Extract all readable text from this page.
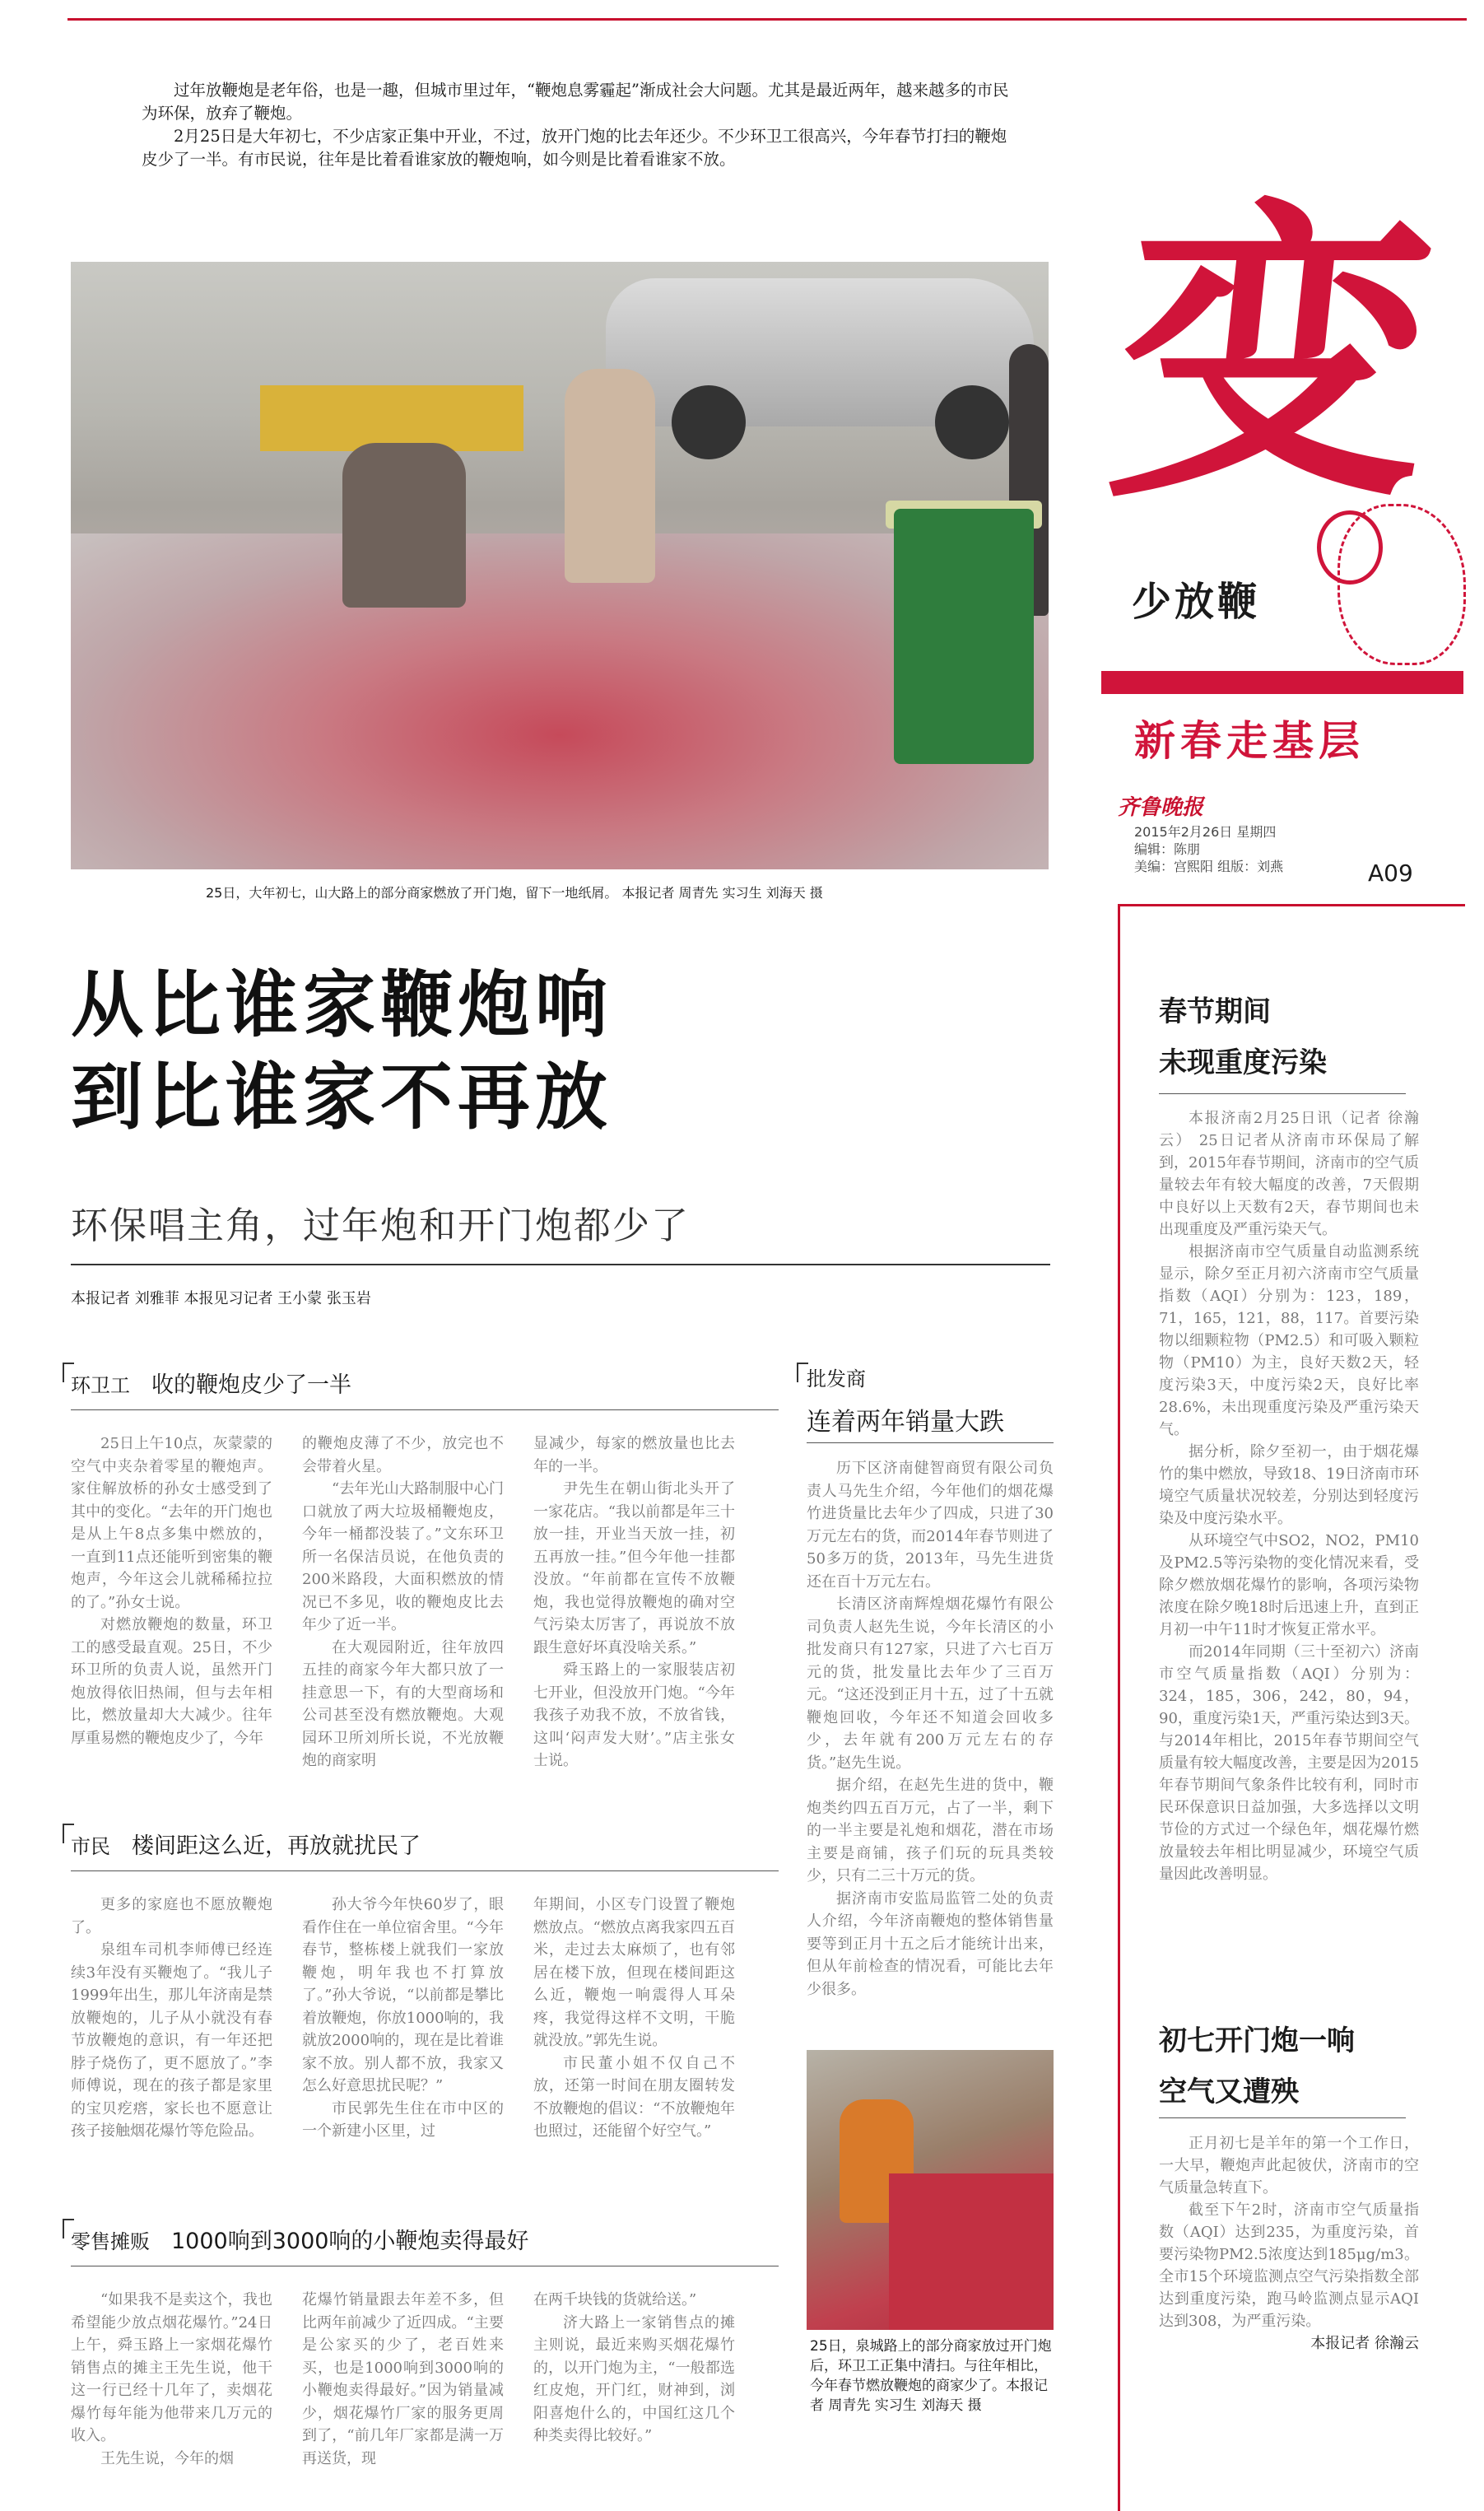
过年放鞭炮是老年俗，也是一趣，但城市里过年，“鞭炮息雾霾起”渐成社会大问题。尤其是最近两年，越来越多的市民为环保，放弃了鞭炮。

2月25日是大年初七，不少店家正集中开业，不过，放开门炮的比去年还少。不少环卫工很高兴，今年春节打扫的鞭炮皮少了一半。有市民说，往年是比着看谁家放的鞭炮响，如今则是比着看谁家不放。

25日，大年初七，山大路上的部分商家燃放了开门炮，留下一地纸屑。 本报记者 周青先 实习生 刘海天 摄
从比谁家鞭炮响
到比谁家不再放
环保唱主角，过年炮和开门炮都少了
本报记者 刘雅菲 本报见习记者 王小蒙 张玉岩
环卫工 收的鞭炮皮少了一半

25日上午10点，灰蒙蒙的空气中夹杂着零星的鞭炮声。家住解放桥的孙女士感受到了其中的变化。“去年的开门炮也是从上午8点多集中燃放的，一直到11点还能听到密集的鞭炮声，今年这会儿就稀稀拉拉的了。”孙女士说。

对燃放鞭炮的数量，环卫工的感受最直观。25日，不少环卫所的负责人说，虽然开门炮放得依旧热闹，但与去年相比，燃放量却大大减少。往年厚重易燃的鞭炮皮少了，今年

的鞭炮皮薄了不少，放完也不会带着火星。

“去年光山大路制服中心门口就放了两大垃圾桶鞭炮皮，今年一桶都没装了。”文东环卫所一名保洁员说，在他负责的200米路段，大面积燃放的情况已不多见，收的鞭炮皮比去年少了近一半。

在大观园附近，往年放四五挂的商家今年大都只放了一挂意思一下，有的大型商场和公司甚至没有燃放鞭炮。大观园环卫所刘所长说，不光放鞭炮的商家明

显减少，每家的燃放量也比去年的一半。

尹先生在朝山街北头开了一家花店。“我以前都是年三十放一挂，开业当天放一挂，初五再放一挂。”但今年他一挂都没放。“年前都在宣传不放鞭炮，我也觉得放鞭炮的确对空气污染太厉害了，再说放不放跟生意好坏真没啥关系。”

舜玉路上的一家服装店初七开业，但没放开门炮。“今年我孩子劝我不放，不放省钱，这叫‘闷声发大财’。”店主张女士说。

市民 楼间距这么近，再放就扰民了

更多的家庭也不愿放鞭炮了。

泉组车司机李师傅已经连续3年没有买鞭炮了。“我儿子1999年出生，那儿年济南是禁放鞭炮的，儿子从小就没有春节放鞭炮的意识，有一年还把脖子烧伤了，更不愿放了。”李师傅说，现在的孩子都是家里的宝贝疙瘩，家长也不愿意让孩子接触烟花爆竹等危险品。

孙大爷今年快60岁了，眼看作住在一单位宿舍里。“今年春节，整栋楼上就我们一家放鞭炮，明年我也不打算放了。”孙大爷说，“以前都是攀比着放鞭炮，你放1000响的，我就放2000响的，现在是比着谁家不放。别人都不放，我家又怎么好意思扰民呢？”

市民郭先生住在市中区的一个新建小区里，过

年期间，小区专门设置了鞭炮燃放点。“燃放点离我家四五百米，走过去太麻烦了，也有邻居在楼下放，但现在楼间距这么近，鞭炮一响震得人耳朵疼，我觉得这样不文明，干脆就没放。”郭先生说。

市民董小姐不仅自己不放，还第一时间在朋友圈转发不放鞭炮的倡议：“不放鞭炮年也照过，还能留个好空气。”

零售摊贩 1000响到3000响的小鞭炮卖得最好

“如果我不是卖这个，我也希望能少放点烟花爆竹。”24日上午，舜玉路上一家烟花爆竹销售点的摊主王先生说，他干这一行已经十几年了，卖烟花爆竹每年能为他带来几万元的收入。

王先生说，今年的烟

花爆竹销量跟去年差不多，但比两年前减少了近四成。“主要是公家买的少了，老百姓来买，也是1000响到3000响的小鞭炮卖得最好。”因为销量减少，烟花爆竹厂家的服务更周到了，“前几年厂家都是满一万再送货，现

在两千块钱的货就给送。”

济大路上一家销售点的摊主则说，最近来购买烟花爆竹的，以开门炮为主，“一般都选红皮炮，开门红，财神到，浏阳喜炮什么的，中国红这几个种类卖得比较好。”

批发商
连着两年销量大跌

历下区济南健智商贸有限公司负责人马先生介绍，今年他们的烟花爆竹进货量比去年少了四成，只进了30万元左右的货，而2014年春节则进了50多万的货，2013年，马先生进货还在百十万元左右。

长清区济南辉煌烟花爆竹有限公司负责人赵先生说，今年长清区的小批发商只有127家，只进了六七百万元的货，批发量比去年少了三百万元。“这还没到正月十五，过了十五就鞭炮回收，今年还不知道会回收多少，去年就有200万元左右的存货。”赵先生说。

据介绍，在赵先生进的货中，鞭炮类约四五百万元，占了一半，剩下的一半主要是礼炮和烟花，潜在市场主要是商铺，孩子们玩的玩具类较少，只有二三十万元的货。

据济南市安监局监管二处的负责人介绍，今年济南鞭炮的整体销售量要等到正月十五之后才能统计出来，但从年前检查的情况看，可能比去年少很多。

25日，泉城路上的部分商家放过开门炮后，环卫工正集中清扫。与往年相比，今年春节燃放鞭炮的商家少了。本报记者 周青先 实习生 刘海天 摄
变
少放鞭
新春走基层
齐鲁晚报
2015年2月26日 星期四
编辑：陈朋
美编：宫熙阳 组版：刘燕	A09
春节期间
未现重度污染

本报济南2月25日讯（记者 徐瀚云） 25日记者从济南市环保局了解到，2015年春节期间，济南市的空气质量较去年有较大幅度的改善，7天假期中良好以上天数有2天，春节期间也未出现重度及严重污染天气。

根据济南市空气质量自动监测系统显示，除夕至正月初六济南市空气质量指数（AQI）分别为：123，189，71，165，121，88，117。首要污染物以细颗粒物（PM2.5）和可吸入颗粒物（PM10）为主，良好天数2天，轻度污染3天，中度污染2天，良好比率28.6%，未出现重度污染及严重污染天气。

据分析，除夕至初一，由于烟花爆竹的集中燃放，导致18、19日济南市环境空气质量状况较差，分别达到轻度污染及中度污染水平。

从环境空气中SO2，NO2，PM10及PM2.5等污染物的变化情况来看，受除夕燃放烟花爆竹的影响，各项污染物浓度在除夕晚18时后迅速上升，直到正月初一中午11时才恢复正常水平。

而2014年同期（三十至初六）济南市空气质量指数（AQI）分别为：324，185，306，242，80，94，90，重度污染1天，严重污染达到3天。与2014年相比，2015年春节期间空气质量有较大幅度改善，主要是因为2015年春节期间气象条件比较有利，同时市民环保意识日益加强，大多选择以文明节俭的方式过一个绿色年，烟花爆竹燃放量较去年相比明显减少，环境空气质量因此改善明显。

初七开门炮一响
空气又遭殃

正月初七是羊年的第一个工作日，一大早，鞭炮声此起彼伏，济南市的空气质量急转直下。

截至下午2时，济南市空气质量指数（AQI）达到235，为重度污染，首要污染物PM2.5浓度达到185μg/m3。全市15个环境监测点空气污染指数全部达到重度污染，跑马岭监测点显示AQI达到308，为严重污染。

本报记者 徐瀚云
